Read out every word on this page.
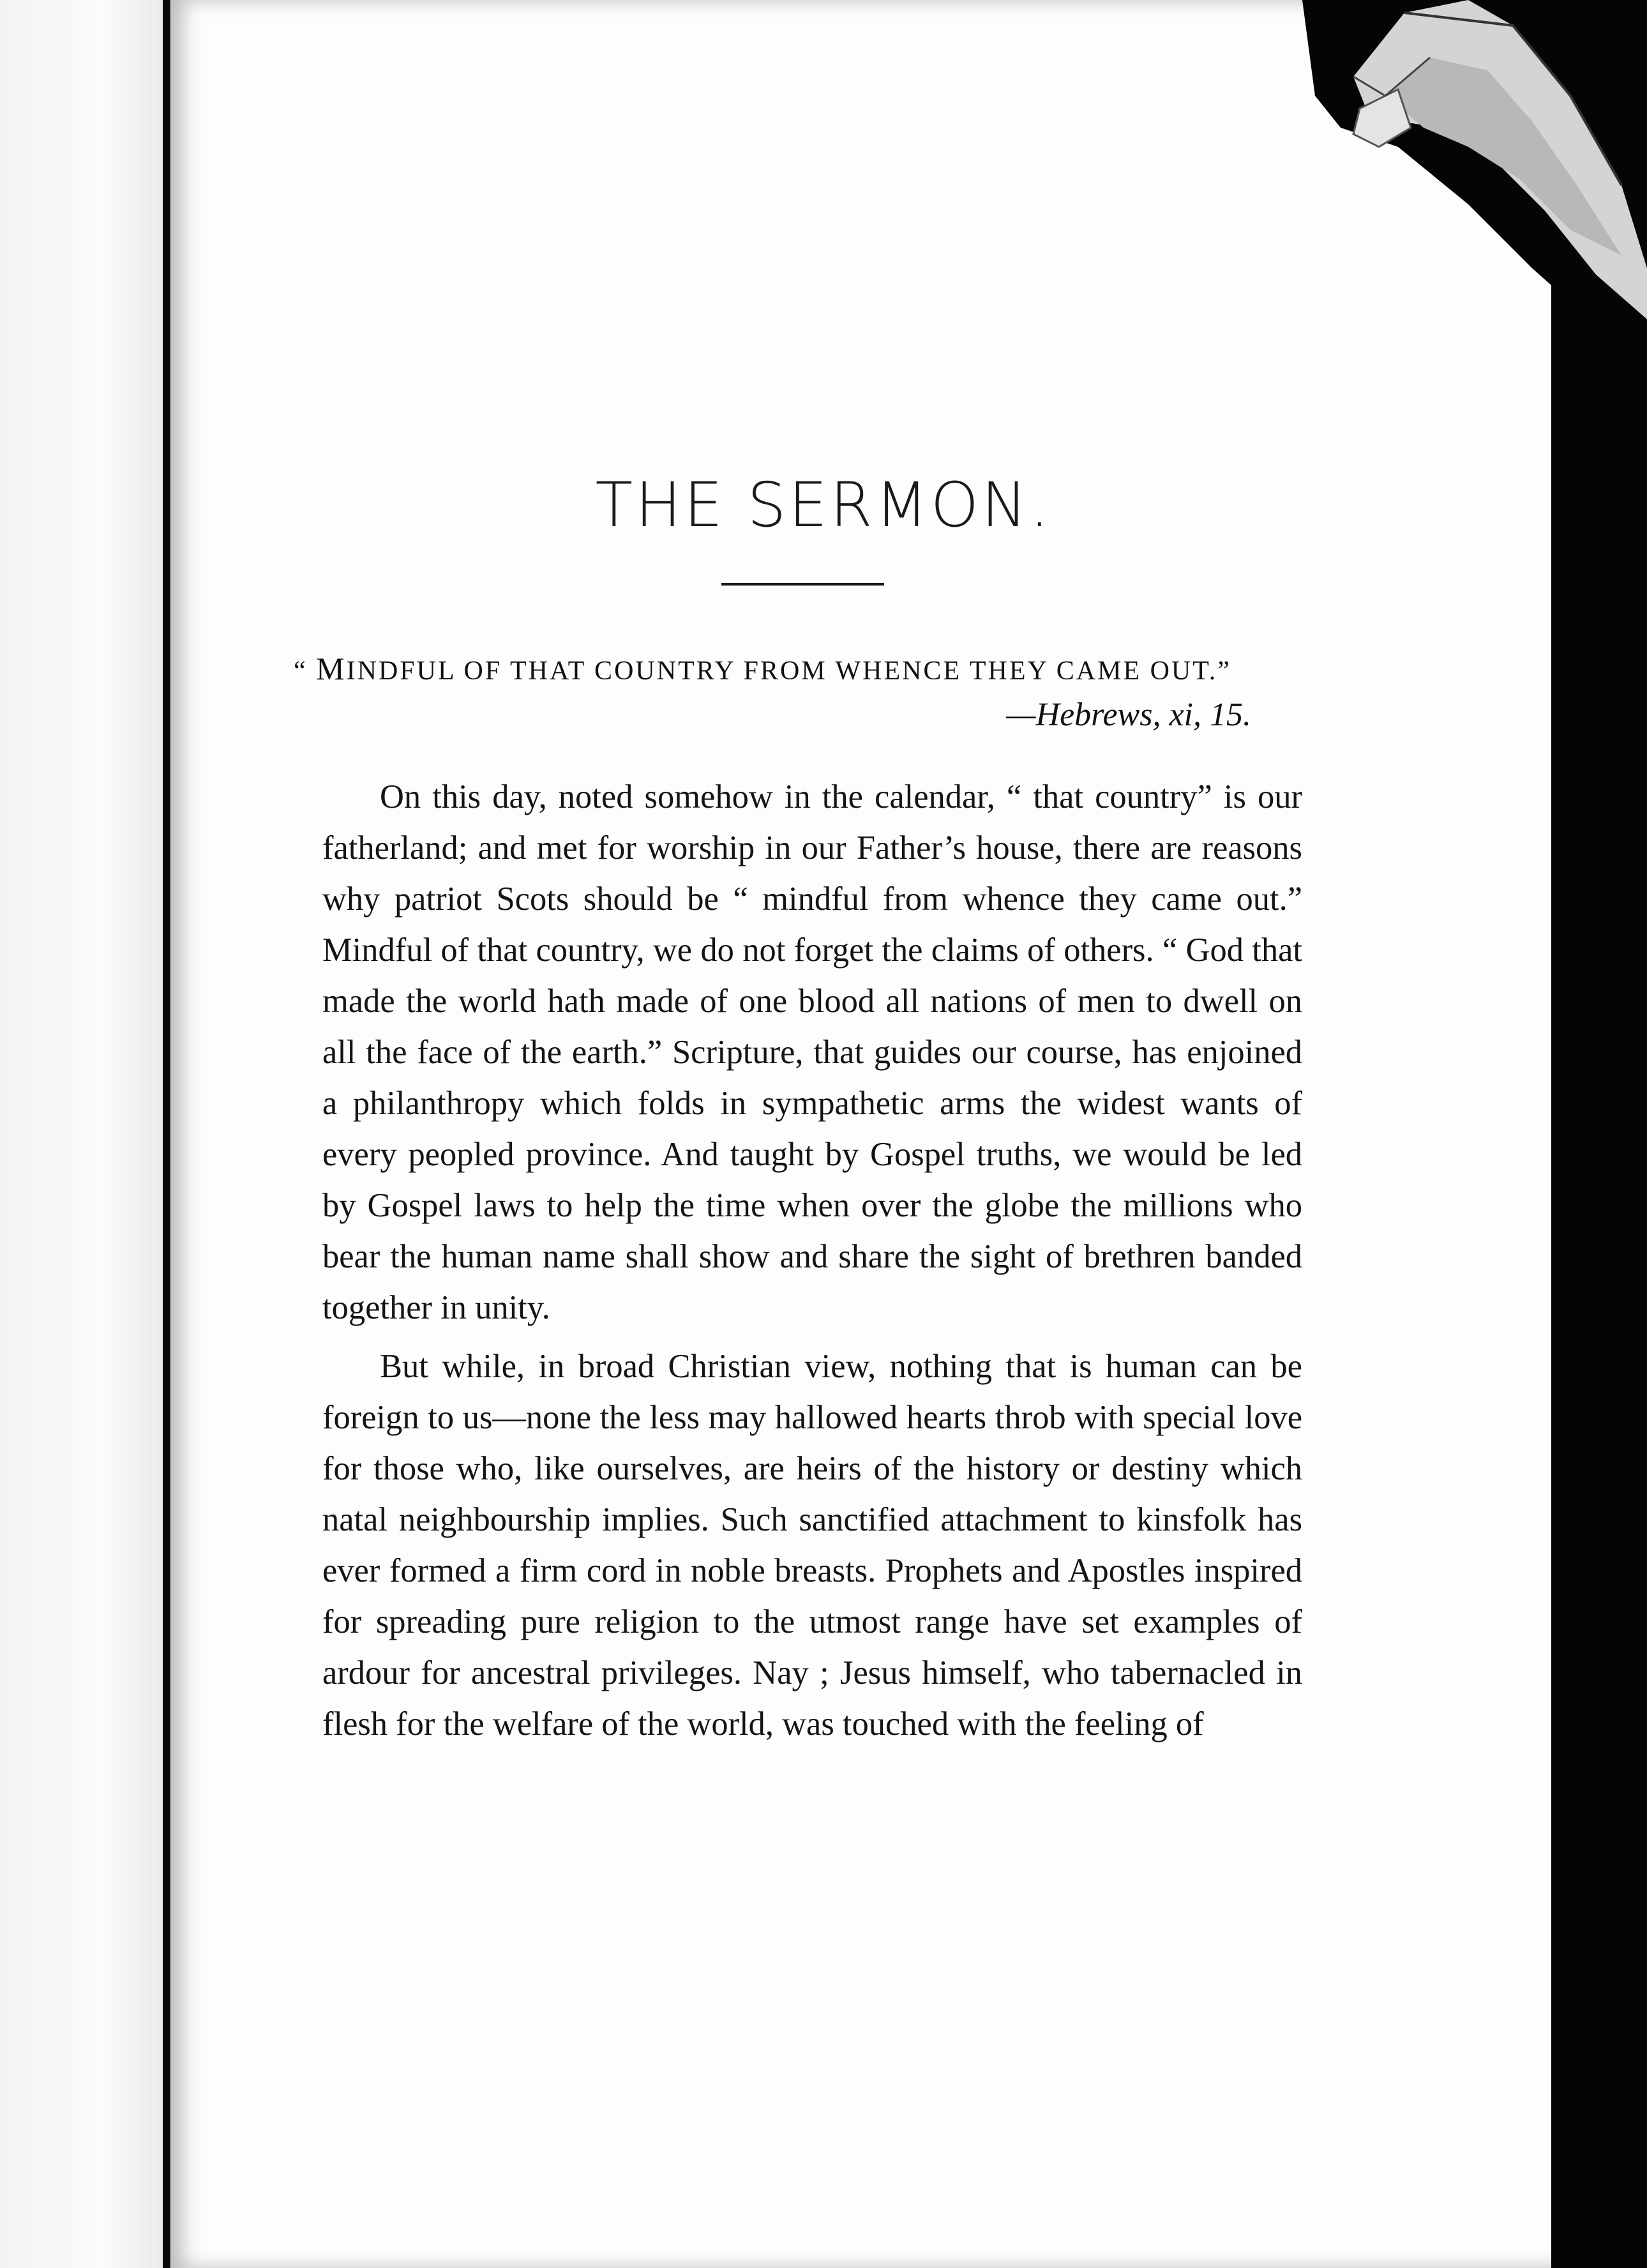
THE SERMON.
“ MINDFUL OF THAT COUNTRY FROM WHENCE THEY CAME OUT.”
—Hebrews, xi, 15.

On this day, noted somehow in the calendar, “ that country” is our fatherland; and met for worship in our Father’s house, there are reasons why patriot Scots should be “ mindful from whence they came out.” Mindful of that country, we do not forget the claims of others. “ God that made the world hath made of one blood all nations of men to dwell on all the face of the earth.” Scripture, that guides our course, has enjoined a philanthropy which folds in sympathetic arms the widest wants of every peopled province. And taught by Gospel truths, we would be led by Gospel laws to help the time when over the globe the millions who bear the human name shall show and share the sight of brethren banded together in unity.

But while, in broad Christian view, nothing that is human can be foreign to us—none the less may hallowed hearts throb with special love for those who, like ourselves, are heirs of the history or destiny which natal neighbourship implies. Such sanctified attachment to kinsfolk has ever formed a firm cord in noble breasts. Prophets and Apostles inspired for spreading pure religion to the utmost range have set examples of ardour for ancestral privileges. Nay ; Jesus himself, who tabernacled in flesh for the welfare of the world, was touched with the feeling of
